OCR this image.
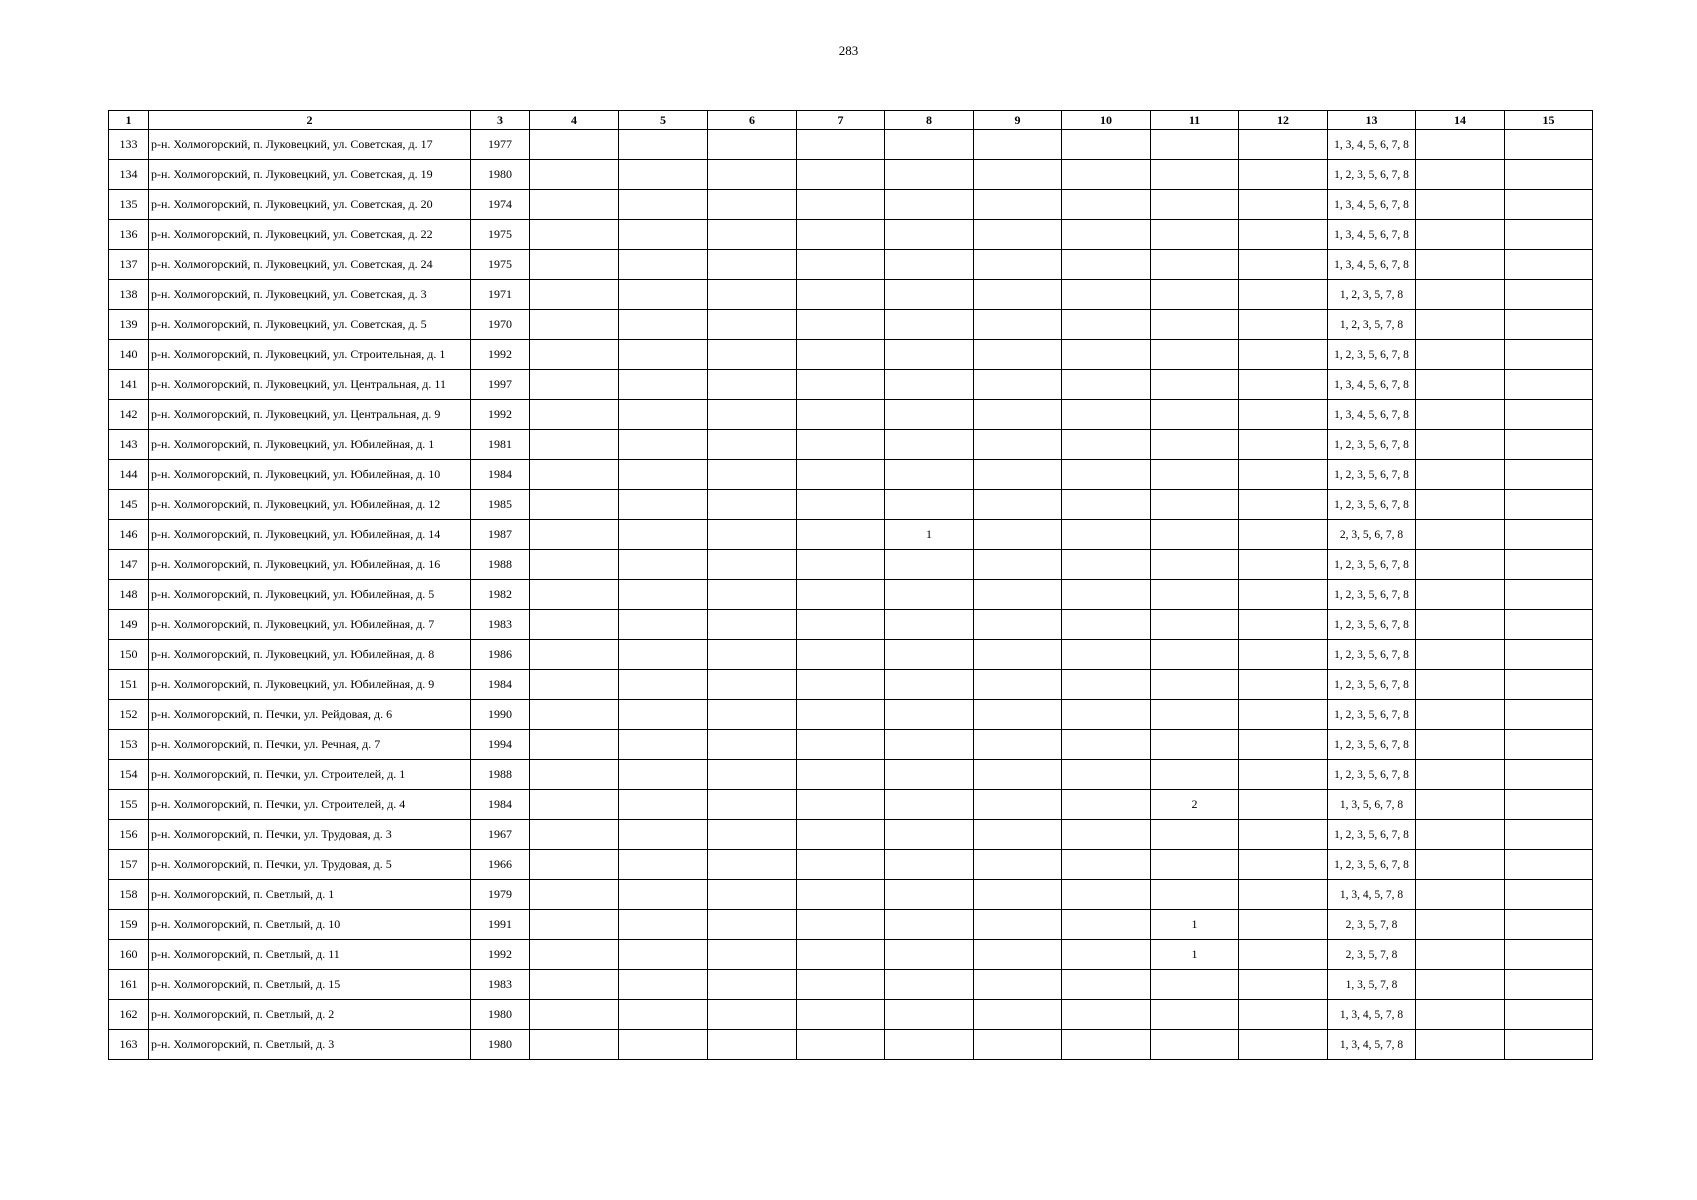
283
1	2	3	4	5	6	7	8	9	10	11	12	13	14	15
133	р-н. Холмогорский, п. Луковецкий, ул. Советская, д. 17	1977										1, 3, 4, 5, 6, 7, 8		
134	р-н. Холмогорский, п. Луковецкий, ул. Советская, д. 19	1980										1, 2, 3, 5, 6, 7, 8		
135	р-н. Холмогорский, п. Луковецкий, ул. Советская, д. 20	1974										1, 3, 4, 5, 6, 7, 8		
136	р-н. Холмогорский, п. Луковецкий, ул. Советская, д. 22	1975										1, 3, 4, 5, 6, 7, 8		
137	р-н. Холмогорский, п. Луковецкий, ул. Советская, д. 24	1975										1, 3, 4, 5, 6, 7, 8		
138	р-н. Холмогорский, п. Луковецкий, ул. Советская, д. 3	1971										1, 2, 3, 5, 7, 8		
139	р-н. Холмогорский, п. Луковецкий, ул. Советская, д. 5	1970										1, 2, 3, 5, 7, 8		
140	р-н. Холмогорский, п. Луковецкий, ул. Строительная, д. 1	1992										1, 2, 3, 5, 6, 7, 8		
141	р-н. Холмогорский, п. Луковецкий, ул. Центральная, д. 11	1997										1, 3, 4, 5, 6, 7, 8		
142	р-н. Холмогорский, п. Луковецкий, ул. Центральная, д. 9	1992										1, 3, 4, 5, 6, 7, 8		
143	р-н. Холмогорский, п. Луковецкий, ул. Юбилейная, д. 1	1981										1, 2, 3, 5, 6, 7, 8		
144	р-н. Холмогорский, п. Луковецкий, ул. Юбилейная, д. 10	1984										1, 2, 3, 5, 6, 7, 8		
145	р-н. Холмогорский, п. Луковецкий, ул. Юбилейная, д. 12	1985										1, 2, 3, 5, 6, 7, 8		
146	р-н. Холмогорский, п. Луковецкий, ул. Юбилейная, д. 14	1987					1					2, 3, 5, 6, 7, 8		
147	р-н. Холмогорский, п. Луковецкий, ул. Юбилейная, д. 16	1988										1, 2, 3, 5, 6, 7, 8		
148	р-н. Холмогорский, п. Луковецкий, ул. Юбилейная, д. 5	1982										1, 2, 3, 5, 6, 7, 8		
149	р-н. Холмогорский, п. Луковецкий, ул. Юбилейная, д. 7	1983										1, 2, 3, 5, 6, 7, 8		
150	р-н. Холмогорский, п. Луковецкий, ул. Юбилейная, д. 8	1986										1, 2, 3, 5, 6, 7, 8		
151	р-н. Холмогорский, п. Луковецкий, ул. Юбилейная, д. 9	1984										1, 2, 3, 5, 6, 7, 8		
152	р-н. Холмогорский, п. Печки, ул. Рейдовая, д. 6	1990										1, 2, 3, 5, 6, 7, 8		
153	р-н. Холмогорский, п. Печки, ул. Речная, д. 7	1994										1, 2, 3, 5, 6, 7, 8		
154	р-н. Холмогорский, п. Печки, ул. Строителей, д. 1	1988										1, 2, 3, 5, 6, 7, 8		
155	р-н. Холмогорский, п. Печки, ул. Строителей, д. 4	1984								2		1, 3, 5, 6, 7, 8		
156	р-н. Холмогорский, п. Печки, ул. Трудовая, д. 3	1967										1, 2, 3, 5, 6, 7, 8		
157	р-н. Холмогорский, п. Печки, ул. Трудовая, д. 5	1966										1, 2, 3, 5, 6, 7, 8		
158	р-н. Холмогорский, п. Светлый, д. 1	1979										1, 3, 4, 5, 7, 8		
159	р-н. Холмогорский, п. Светлый, д. 10	1991								1		2, 3, 5, 7, 8		
160	р-н. Холмогорский, п. Светлый, д. 11	1992								1		2, 3, 5, 7, 8		
161	р-н. Холмогорский, п. Светлый, д. 15	1983										1, 3, 5, 7, 8		
162	р-н. Холмогорский, п. Светлый, д. 2	1980										1, 3, 4, 5, 7, 8		
163	р-н. Холмогорский, п. Светлый, д. 3	1980										1, 3, 4, 5, 7, 8		
